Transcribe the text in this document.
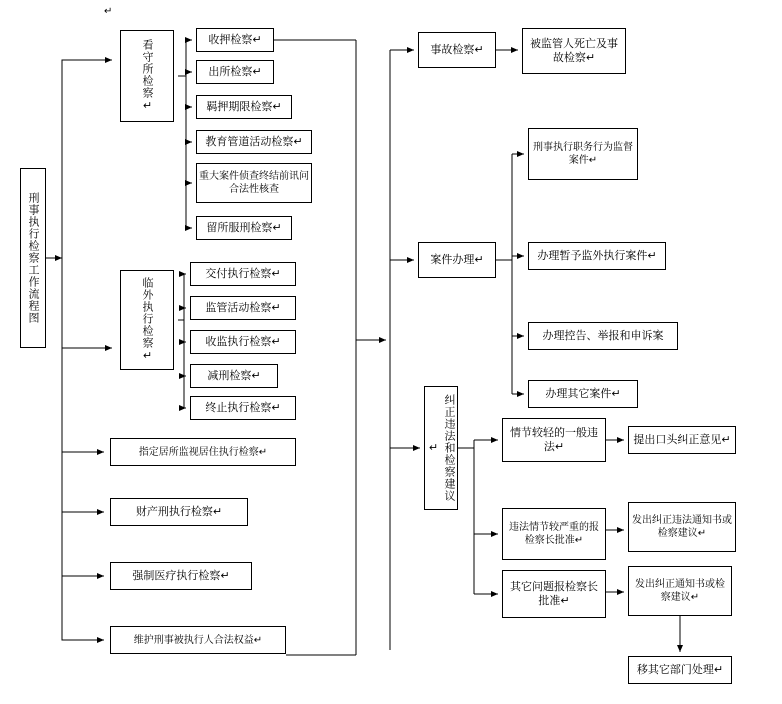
刑事执行检察工作流程图
看守所检察↵
临外执行检察↵
收押检察↵
出所检察↵
羁押期限检察↵
教育管道活动检察↵
重大案件侦查终结前讯问合法性核查
留所服刑检察↵
交付执行检察↵
监管活动检察↵
收监执行检察↵
减刑检察↵
终止执行检察↵
指定居所监视居住执行检察↵
财产刑执行检察↵
强制医疗执行检察↵
维护刑事被执行人合法权益↵
事故检察↵
案件办理↵
纠正违法和检察建议↵
被监管人死亡及事故检察↵
刑事执行职务行为监督案件↵
办理暂予监外执行案件↵
办理控告、举报和申诉案
办理其它案件↵
情节较轻的一般违法↵
违法情节较严重的报检察长批准↵
其它问题报检察长批准↵
提出口头纠正意见↵
发出纠正违法通知书或检察建议↵
发出纠正通知书或检察建议↵
移其它部门处理↵
↵
